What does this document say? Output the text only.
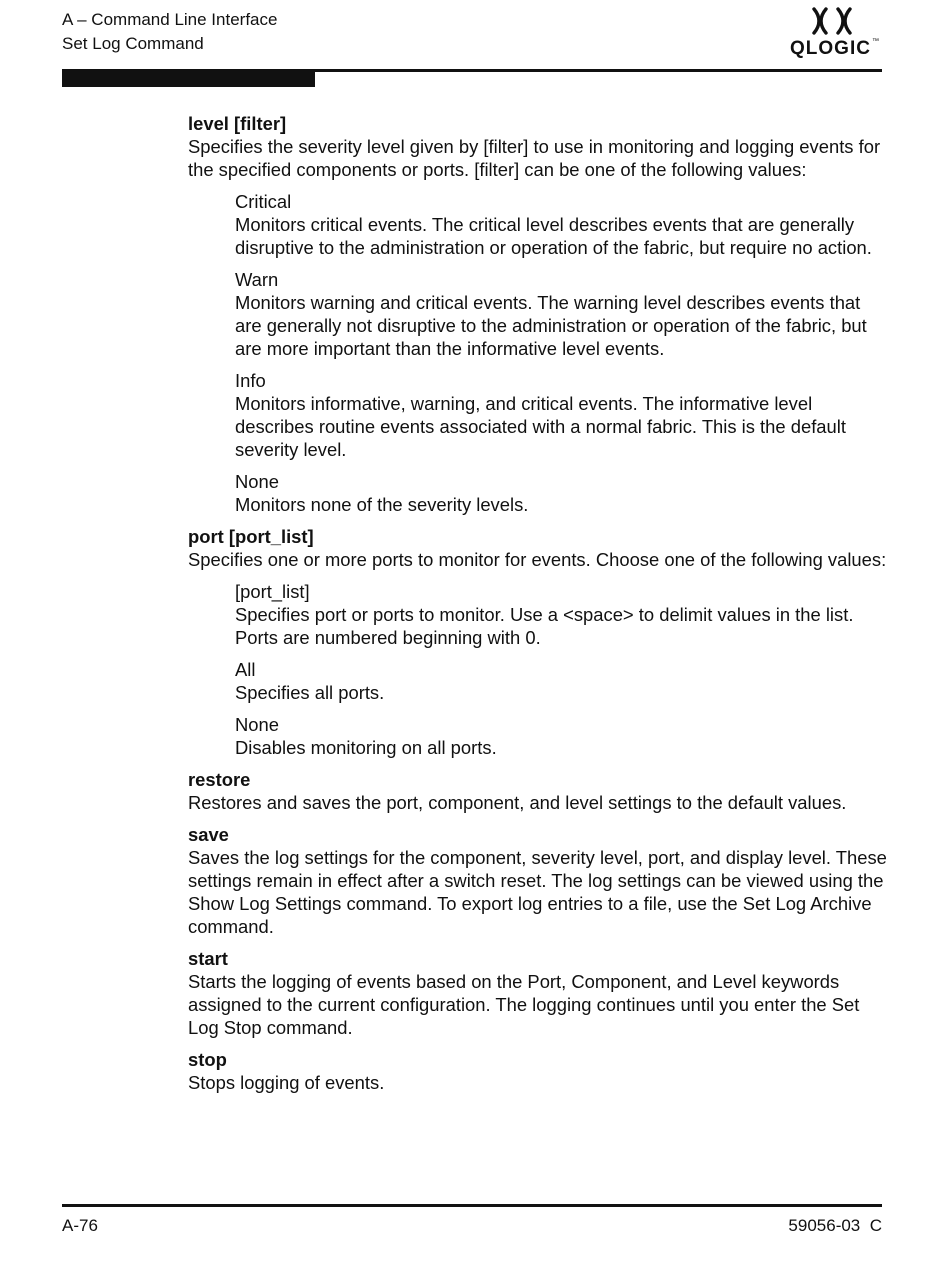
A – Command Line Interface
Set Log Command	QLOGIC™
level [filter]
Specifies the severity level given by [filter] to use in monitoring and logging events for the specified components or ports. [filter] can be one of the following values:
Critical
Monitors critical events. The critical level describes events that are generally disruptive to the administration or operation of the fabric, but require no action.
Warn
Monitors warning and critical events. The warning level describes events that are generally not disruptive to the administration or operation of the fabric, but are more important than the informative level events.
Info
Monitors informative, warning, and critical events. The informative level describes routine events associated with a normal fabric. This is the default severity level.
None
Monitors none of the severity levels.
port [port_list]
Specifies one or more ports to monitor for events. Choose one of the following values:
[port_list]
Specifies port or ports to monitor. Use a <space> to delimit values in the list. Ports are numbered beginning with 0.
All
Specifies all ports.
None
Disables monitoring on all ports.
restore
Restores and saves the port, component, and level settings to the default values.
save
Saves the log settings for the component, severity level, port, and display level. These settings remain in effect after a switch reset. The log settings can be viewed using the Show Log Settings command. To export log entries to a file, use the Set Log Archive command.
start
Starts the logging of events based on the Port, Component, and Level keywords assigned to the current configuration. The logging continues until you enter the Set Log Stop command.
stop
Stops logging of events.
A-76	59056-03  C
